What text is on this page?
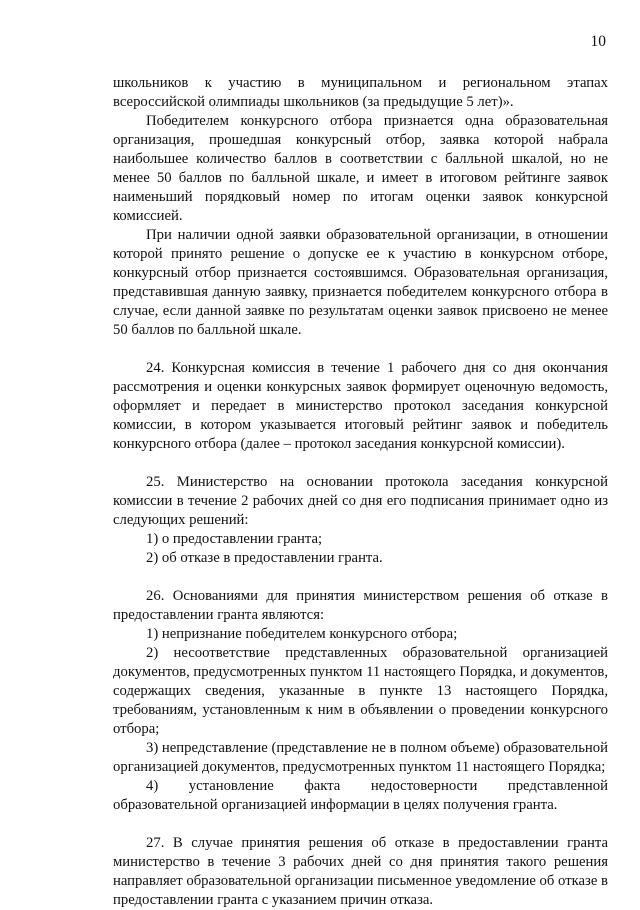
10

школьников к участию в муниципальном и региональном этапах всероссийской олимпиады школьников (за предыдущие 5 лет)».

Победителем конкурсного отбора признается одна образовательная организация, прошедшая конкурсный отбор, заявка которой набрала наибольшее количество баллов в соответствии с балльной шкалой, но не менее 50 баллов по балльной шкале, и имеет в итоговом рейтинге заявок наименьший порядковый номер по итогам оценки заявок конкурсной комиссией.

При наличии одной заявки образовательной организации, в отношении которой принято решение о допуске ее к участию в конкурсном отборе, конкурсный отбор признается состоявшимся. Образовательная организация, представившая данную заявку, признается победителем конкурсного отбора в случае, если данной заявке по результатам оценки заявок присвоено не менее 50 баллов по балльной шкале.

24. Конкурсная комиссия в течение 1 рабочего дня со дня окончания рассмотрения и оценки конкурсных заявок формирует оценочную ведомость, оформляет и передает в министерство протокол заседания конкурсной комиссии, в котором указывается итоговый рейтинг заявок и победитель конкурсного отбора (далее – протокол заседания конкурсной комиссии).

25. Министерство на основании протокола заседания конкурсной комиссии в течение 2 рабочих дней со дня его подписания принимает одно из следующих решений:

1) о предоставлении гранта;

2) об отказе в предоставлении гранта.

26. Основаниями для принятия министерством решения об отказе в предоставлении гранта являются:

1) непризнание победителем конкурсного отбора;

2) несоответствие представленных образовательной организацией документов, предусмотренных пунктом 11 настоящего Порядка, и документов, содержащих сведения, указанные в пункте 13 настоящего Порядка, требованиям, установленным к ним в объявлении о проведении конкурсного отбора;

3) непредставление (представление не в полном объеме) образовательной организацией документов, предусмотренных пунктом 11 настоящего Порядка;

4) установление факта недостоверности представленной образовательной организацией информации в целях получения гранта.

27. В случае принятия решения об отказе в предоставлении гранта министерство в течение 3 рабочих дней со дня принятия такого решения направляет образовательной организации письменное уведомление об отказе в предоставлении гранта с указанием причин отказа.
